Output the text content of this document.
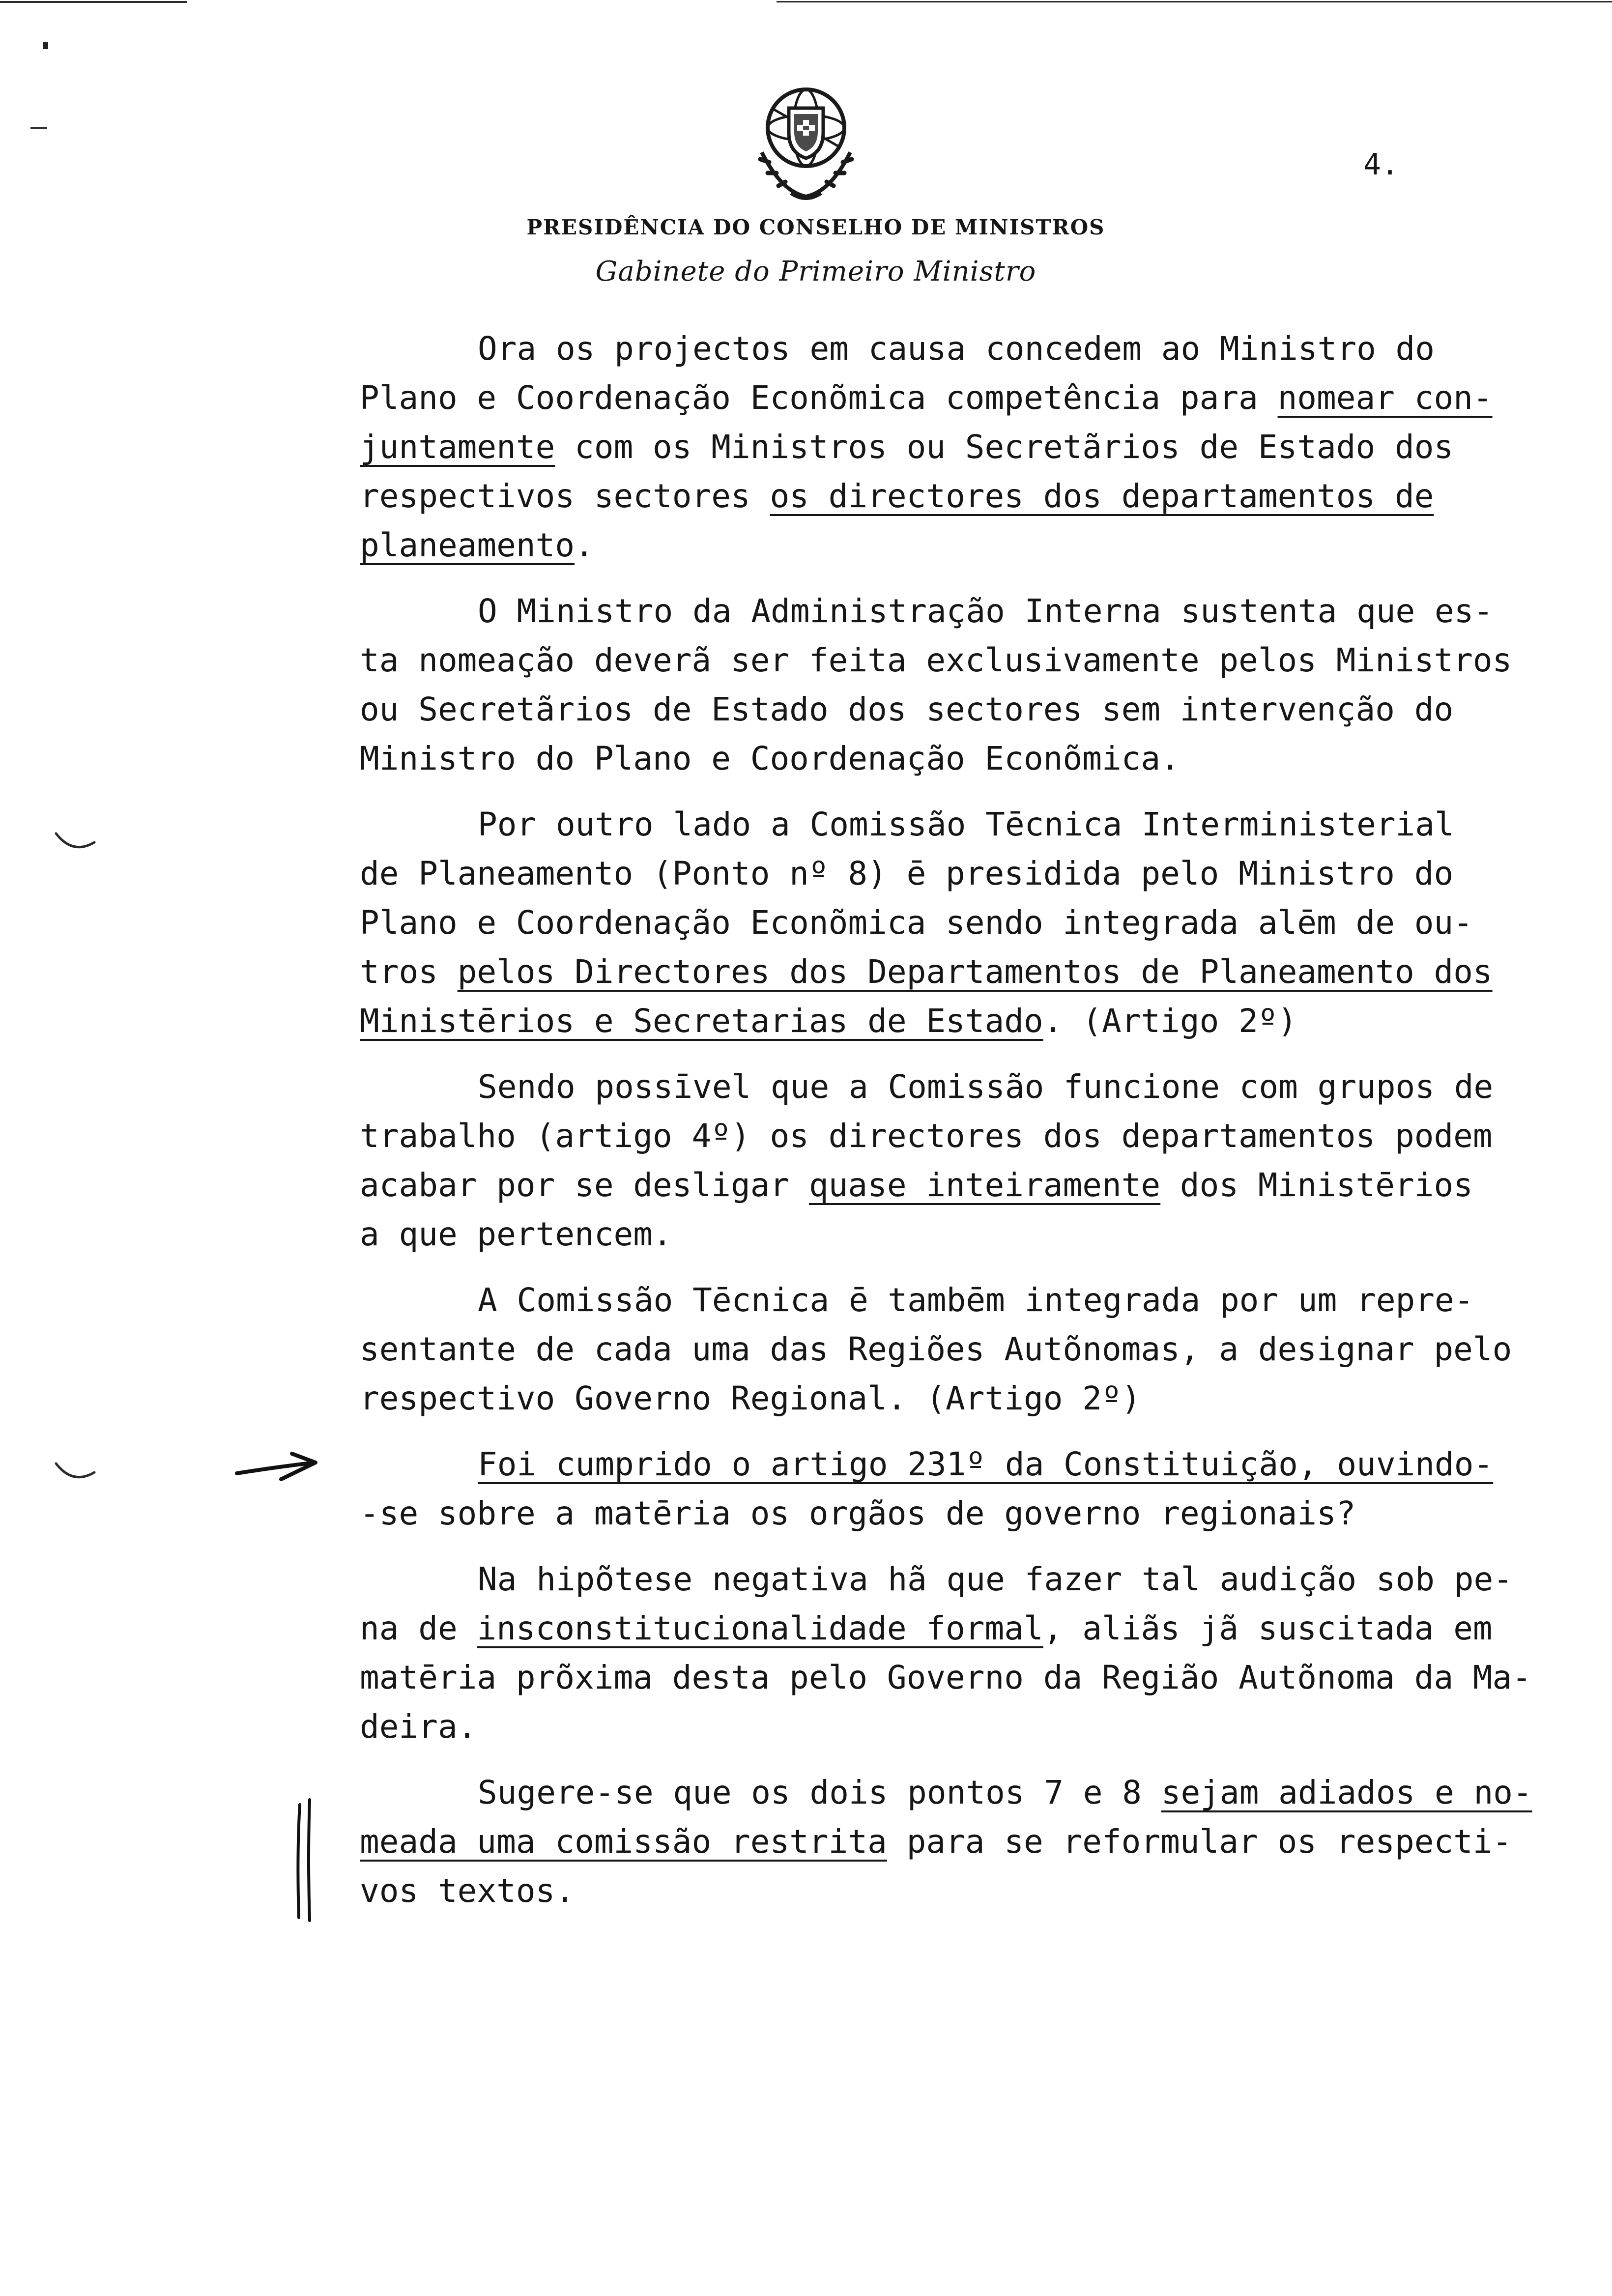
4.
PRESIDÊNCIA DO CONSELHO DE MINISTROS
Gabinete do Primeiro Ministro
Ora os projectos em causa concedem ao Ministro do
Plano e Coordenação Econõmica competência para nomear con-
juntamente com os Ministros ou Secretãrios de Estado dos
respectivos sectores os directores dos departamentos de
planeamento.
O Ministro da Administração Interna sustenta que es-
ta nomeação deverã ser feita exclusivamente pelos Ministros
ou Secretãrios de Estado dos sectores sem intervenção do
Ministro do Plano e Coordenação Econõmica.
Por outro lado a Comissão Tēcnica Interministerial
de Planeamento (Ponto nº 8) ē presidida pelo Ministro do
Plano e Coordenação Econõmica sendo integrada alēm de ou-
tros pelos Directores dos Departamentos de Planeamento dos
Ministērios e Secretarias de Estado. (Artigo 2º)
Sendo possīvel que a Comissão funcione com grupos de
trabalho (artigo 4º) os directores dos departamentos podem
acabar por se desligar quase inteiramente dos Ministērios
a que pertencem.
A Comissão Tēcnica ē tambēm integrada por um repre-
sentante de cada uma das Regiões Autõnomas, a designar pelo
respectivo Governo Regional. (Artigo 2º)
Foi cumprido o artigo 231º da Constituição, ouvindo-
-se sobre a matēria os orgãos de governo regionais?
Na hipõtese negativa hã que fazer tal audição sob pe-
na de insconstitucionalidade formal, aliãs jã suscitada em
matēria prõxima desta pelo Governo da Região Autõnoma da Ma-
deira.
Sugere-se que os dois pontos 7 e 8 sejam adiados e no-
meada uma comissão restrita para se reformular os respecti-
vos textos.
